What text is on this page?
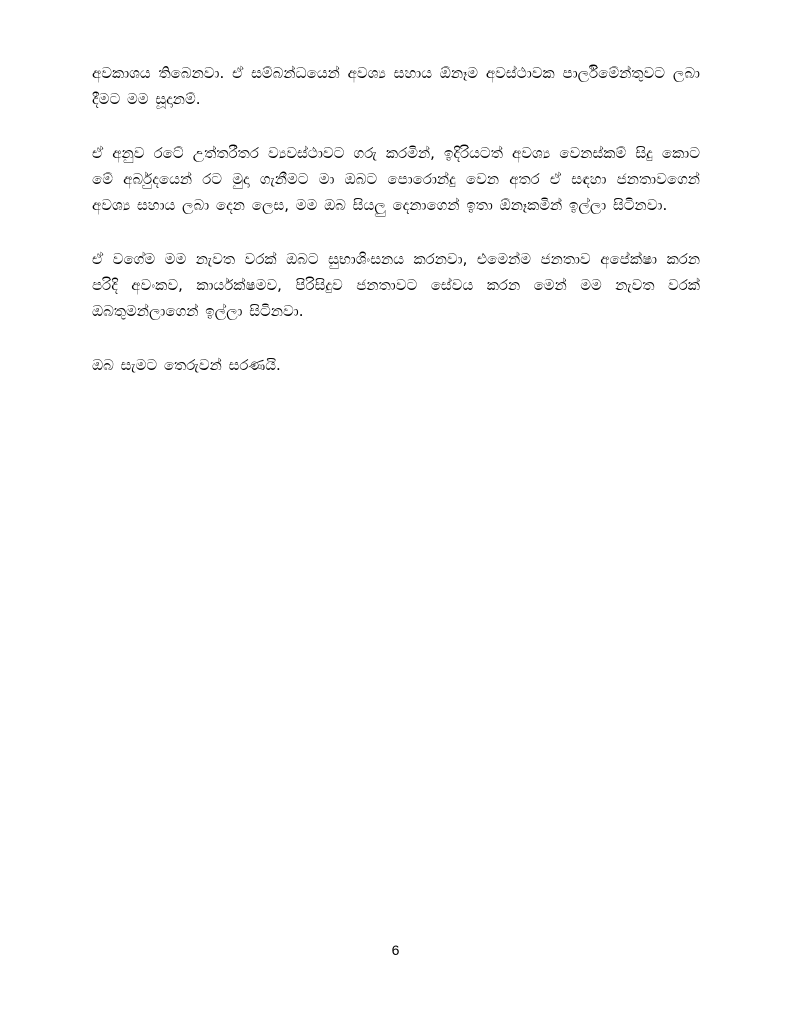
අවකාශය තිබෙනවා. ඒ සම්බන්ධයෙන් අවශ්‍ය සහාය ඕනෑම අවස්ථාවක පාර්ලිමේන්තුවට ලබා දීමට මම සූදානම්.

ඒ අනුව රටේ උත්තරීතර ව්‍යවස්ථාවට ගරු කරමින්, ඉදිරියටත් අවශ්‍ය වෙනස්කම් සිදු කොට මේ අර්බුදයෙන් රට මුදා ගැනීමට මා ඔබට පොරොන්දු වෙන අතර ඒ සඳහා ජනතාවගෙන් අවශ්‍ය සහාය ලබා දෙන ලෙස, මම ඔබ සියලු දෙනාගෙන් ඉතා ඕනෑකමින් ඉල්ලා සිටිනවා.

ඒ වගේම මම නැවත වරක් ඔබට සුභාශිංසනය කරනවා, එමෙන්ම ජනතාව අපේක්ෂා කරන පරිදි අවංකව, කාර්යක්ෂමව, පිරිසිදුව ජනතාවට සේවය කරන මෙන් මම නැවත වරක් ඔබතුමන්ලාගෙන් ඉල්ලා සිටිනවා.

ඔබ සැමට තෙරුවන් සරණයි.

6
